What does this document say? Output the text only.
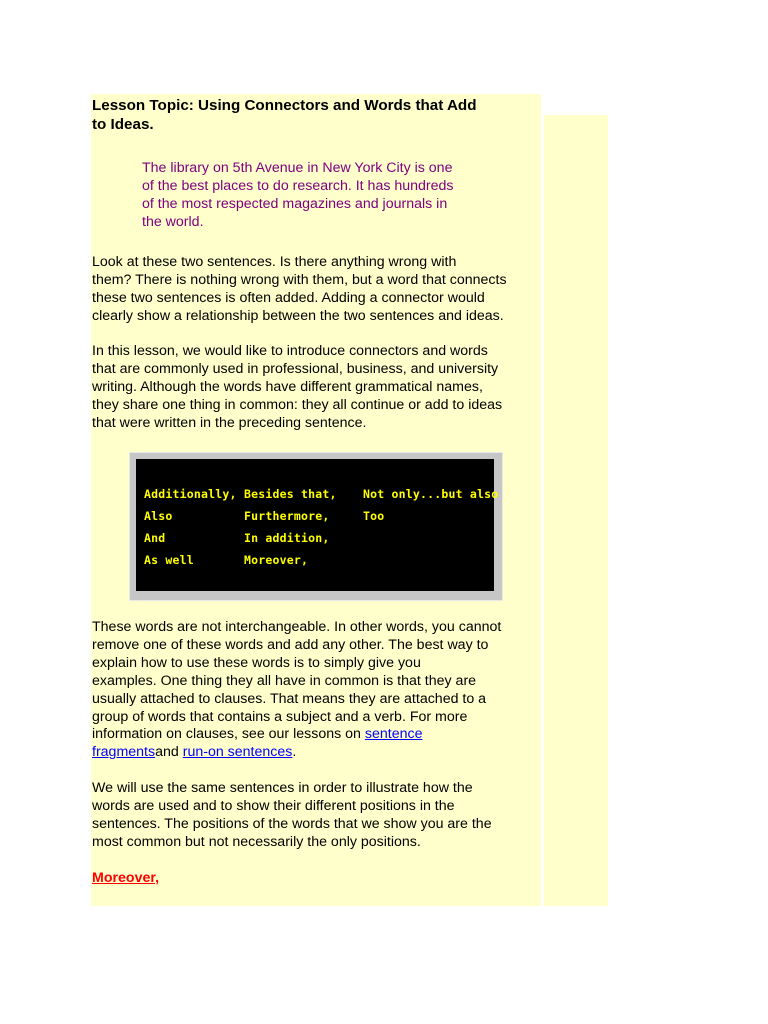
Lesson Topic: Using Connectors and Words that Add
to Ideas.
The library on 5th Avenue in New York City is one
of the best places to do research. It has hundreds
of the most respected magazines and journals in
the world.
Look at these two sentences. Is there anything wrong with
them? There is nothing wrong with them, but a word that connects
these two sentences is often added. Adding a connector would
clearly show a relationship between the two sentences and ideas.
In this lesson, we would like to introduce connectors and words
that are commonly used in professional, business, and university
writing. Although the words have different grammatical names,
they share one thing in common: they all continue or add to ideas
that were written in the preceding sentence.
Additionally,
Also
And
As well
Besides that,
Furthermore,
In addition,
Moreover,
Not only...but also
Too
These words are not interchangeable. In other words, you cannot
remove one of these words and add any other. The best way to
explain how to use these words is to simply give you
examples. One thing they all have in common is that they are
usually attached to clauses. That means they are attached to a
group of words that contains a subject and a verb. For more
information on clauses, see our lessons on sentence
fragmentsand run-on sentences.
We will use the same sentences in order to illustrate how the
words are used and to show their different positions in the
sentences. The positions of the words that we show you are the
most common but not necessarily the only positions.
Moreover,
